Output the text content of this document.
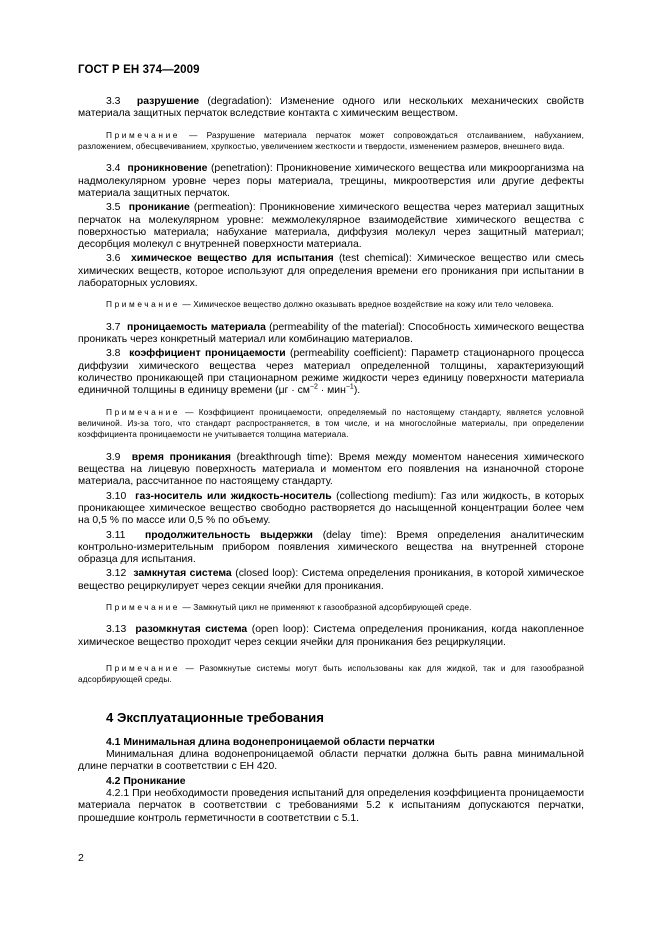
ГОСТ Р ЕН 374—2009

3.3 разрушение (degradation): Изменение одного или нескольких механических свойств материала защитных перчаток вследствие контакта с химическим веществом.

Примечание — Разрушение материала перчаток может сопровождаться отслаиванием, набуханием, разложением, обесцвечиванием, хрупкостью, увеличением жесткости и твердости, изменением размеров, внешнего вида.

3.4 проникновение (penetration): Проникновение химического вещества или микроорганизма на надмолекулярном уровне через поры материала, трещины, микроотверстия или другие дефекты материала защитных перчаток.

3.5 проникание (permeation): Проникновение химического вещества через материал защитных перчаток на молекулярном уровне: межмолекулярное взаимодействие химического вещества с поверхностью материала; набухание материала, диффузия молекул через защитный материал; десорбция молекул с внутренней поверхности материала.

3.6 химическое вещество для испытания (test chemical): Химическое вещество или смесь химических веществ, которое используют для определения времени его проникания при испытании в лабораторных условиях.

Примечание — Химическое вещество должно оказывать вредное воздействие на кожу или тело человека.

3.7 проницаемость материала (permeability of the material): Способность химического вещества проникать через конкретный материал или комбинацию материалов.

3.8 коэффициент проницаемости (permeability coefficient): Параметр стационарного процесса диффузии химического вещества через материал определенной толщины, характеризующий количество проникающей при стационарном режиме жидкости через единицу поверхности материала единичной толщины в единицу времени $(\mu г \cdot см^{-2} \cdot мин^{-1})$.

Примечание — Коэффициент проницаемости, определяемый по настоящему стандарту, является условной величиной. Из-за того, что стандарт распространяется, в том числе, и на многослойные материалы, при определении коэффициента проницаемости не учитывается толщина материала.

3.9 время проникания (breakthrough time): Время между моментом нанесения химического вещества на лицевую поверхность материала и моментом его появления на изнаночной стороне материала, рассчитанное по настоящему стандарту.

3.10 газ-носитель или жидкость-носитель (collectiong medium): Газ или жидкость, в которых проникающее химическое вещество свободно растворяется до насыщенной концентрации более чем на 0,5 % по массе или 0,5 % по объему.

3.11 продолжительность выдержки (delay time): Время определения аналитическим контрольно-измерительным прибором появления химического вещества на внутренней стороне образца для испытания.

3.12 замкнутая система (closed loop): Система определения проникания, в которой химическое вещество рециркулирует через секции ячейки для проникания.

Примечание — Замкнутый цикл не применяют к газообразной адсорбирующей среде.

3.13 разомкнутая система (open loop): Система определения проникания, когда накопленное химическое вещество проходит через секции ячейки для проникания без рециркуляции.

Примечание — Разомкнутые системы могут быть использованы как для жидкой, так и для газообразной адсорбирующей среды.

4 Эксплуатационные требования

4.1 Минимальная длина водонепроницаемой области перчатки

Минимальная длина водонепроницаемой области перчатки должна быть равна минимальной длине перчатки в соответствии с ЕН 420.

4.2 Проникание

4.2.1 При необходимости проведения испытаний для определения коэффициента проницаемости материала перчаток в соответствии с требованиями 5.2 к испытаниям допускаются перчатки, прошедшие контроль герметичности в соответствии с 5.1.

2
